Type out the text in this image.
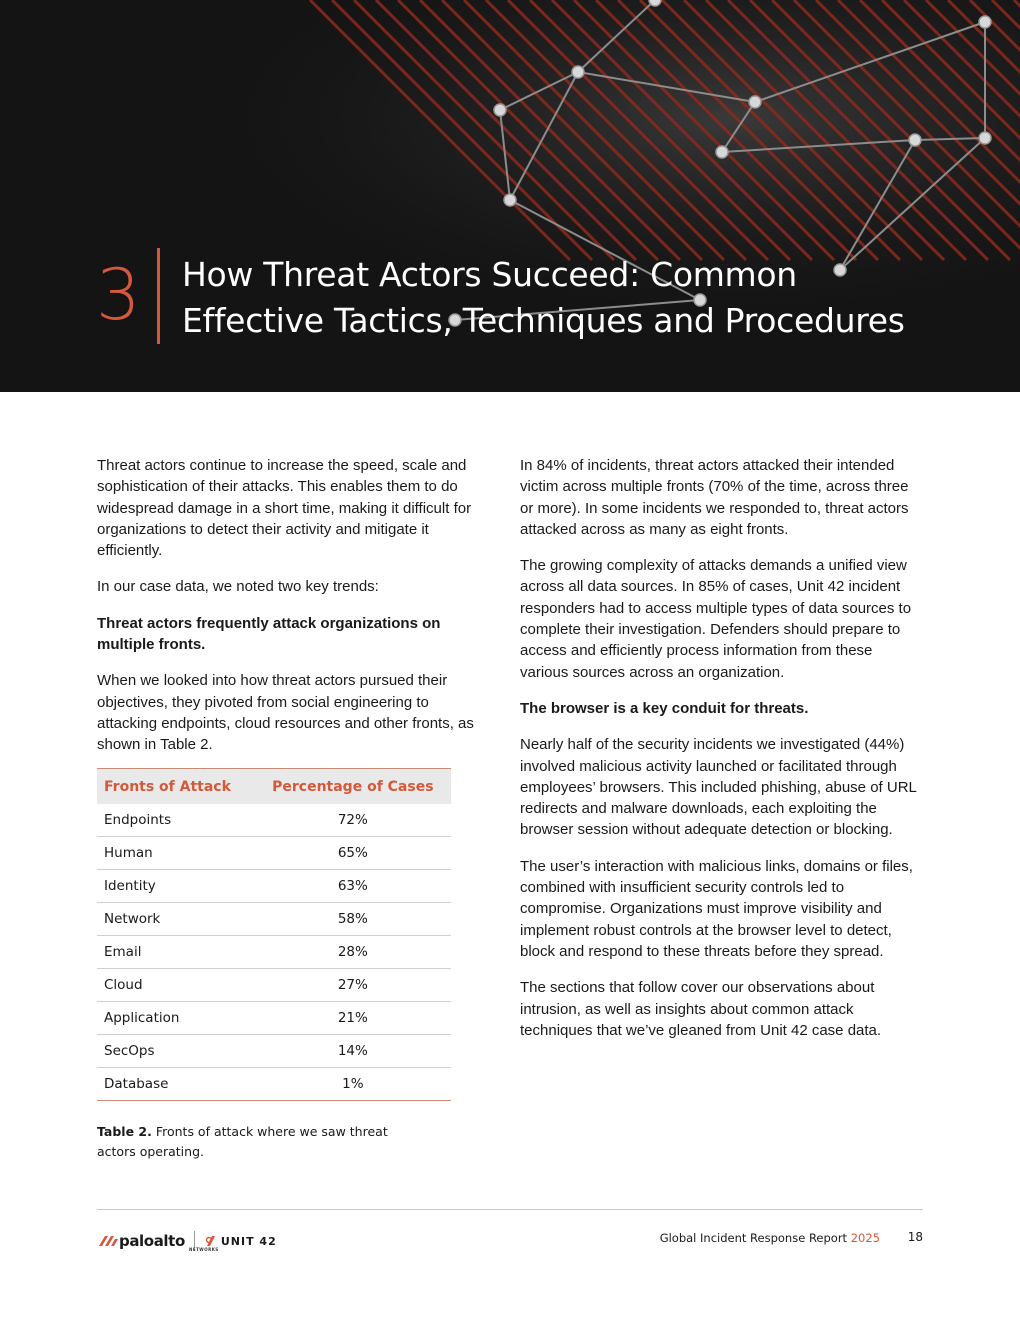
3 How Threat Actors Succeed: Common
Effective Tactics, Techniques and Procedures

Threat actors continue to increase the speed, scale and sophistication of their attacks. This enables them to do widespread damage in a short time, making it difficult for organizations to detect their activity and mitigate it efficiently.

In our case data, we noted two key trends:

Threat actors frequently attack organizations on multiple fronts.

When we looked into how threat actors pursued their objectives, they pivoted from social engineering to attacking endpoints, cloud resources and other fronts, as shown in Table 2.

Fronts of Attack	Percentage of Cases
Endpoints	72%
Human	65%
Identity	63%
Network	58%
Email	28%
Cloud	27%
Application	21%
SecOps	14%
Database	1%
Table 2. Fronts of attack where we saw threat actors operating.

In 84% of incidents, threat actors attacked their intended victim across multiple fronts (70% of the time, across three or more). In some incidents we responded to, threat actors attacked across as many as eight fronts.

The growing complexity of attacks demands a unified view across all data sources. In 85% of cases, Unit 42 incident responders had to access multiple types of data sources to complete their investigation. Defenders should prepare to access and efficiently process information from these various sources across an organization.

The browser is a key conduit for threats.

Nearly half of the security incidents we investigated (44%) involved malicious activity launched or facilitated through employees’ browsers. This included phishing, abuse of URL redirects and malware downloads, each exploiting the browser session without adequate detection or blocking.

The user’s interaction with malicious links, domains or files, combined with insufficient security controls led to compromise. Organizations must improve visibility and implement robust controls at the browser level to detect, block and respond to these threats before they spread.

The sections that follow cover our observations about intrusion, as well as insights about common attack techniques that we’ve gleaned from Unit 42 case data.

paloalto NETWORKS
UNIT 42	Global Incident Response Report 2025	18
